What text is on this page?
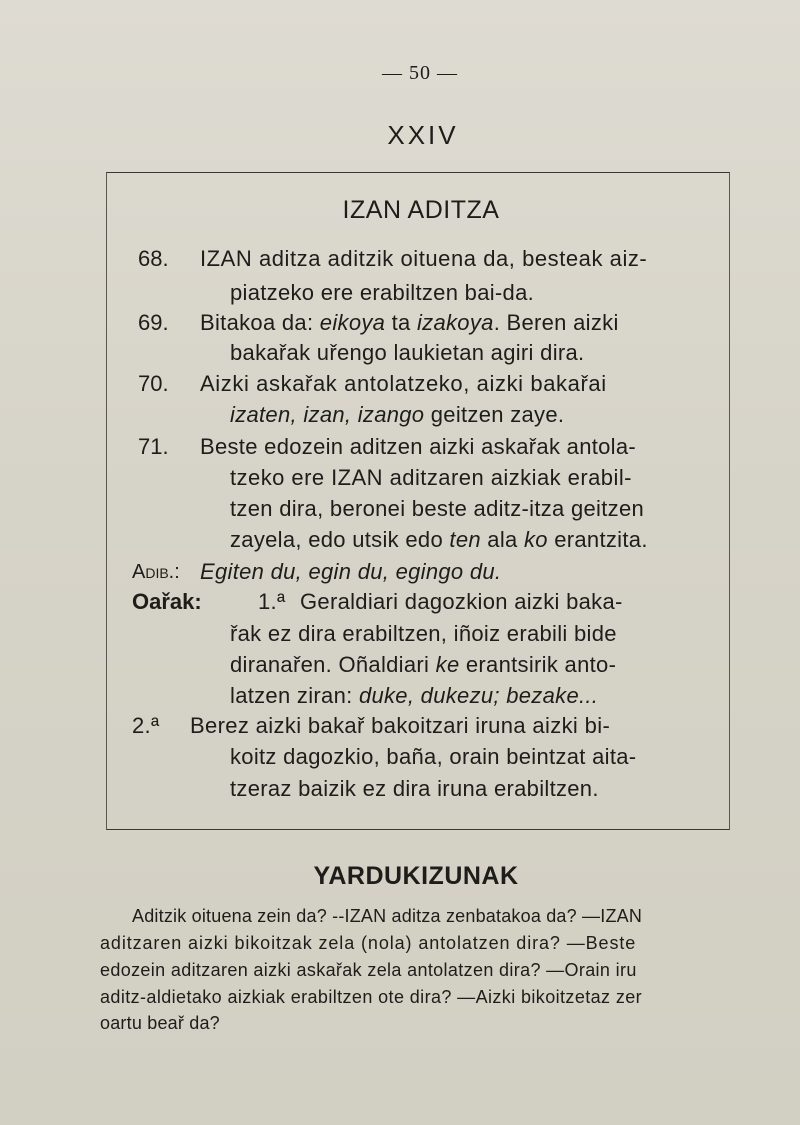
— 50 —
XXIV
IZAN ADITZA
68. IZAN aditza aditzik oituena da, besteak aiz-
piatzeko ere erabiltzen bai-da.
69. Bitakoa da: eikoya ta izakoya. Beren aizki
bakařak uřengo laukietan agiri dira.
70. Aizki askařak antolatzeko, aizki bakařai
izaten, izan, izango geitzen zaye.
71. Beste edozein aditzen aizki askařak antola-
tzeko ere IZAN aditzaren aizkiak erabil-
tzen dira, beronei beste aditz-itza geitzen
zayela, edo utsik edo ten ala ko erantzita.
Adib.: Egiten du, egin du, egingo du.
Oařak:	1.ª Geraldiari dagozkion aizki baka-
řak ez dira erabiltzen, iñoiz erabili bide
diranařen. Oñaldiari ke erantsirik anto-
latzen ziran: duke, dukezu; bezake...
2.ª Berez aizki bakař bakoitzari iruna aizki bi-
koitz dagozkio, baña, orain beintzat aita-
tzeraz baizik ez dira iruna erabiltzen.
YARDUKIZUNAK
Aditzik oituena zein da? --IZAN aditza zenbatakoa da? —IZAN
aditzaren aizki bikoitzak zela (nola) antolatzen dira? —Beste
edozein aditzaren aizki askařak zela antolatzen dira? —Orain iru
aditz-aldietako aizkiak erabiltzen ote dira? —Aizki bikoitzetaz zer
oartu beař da?
